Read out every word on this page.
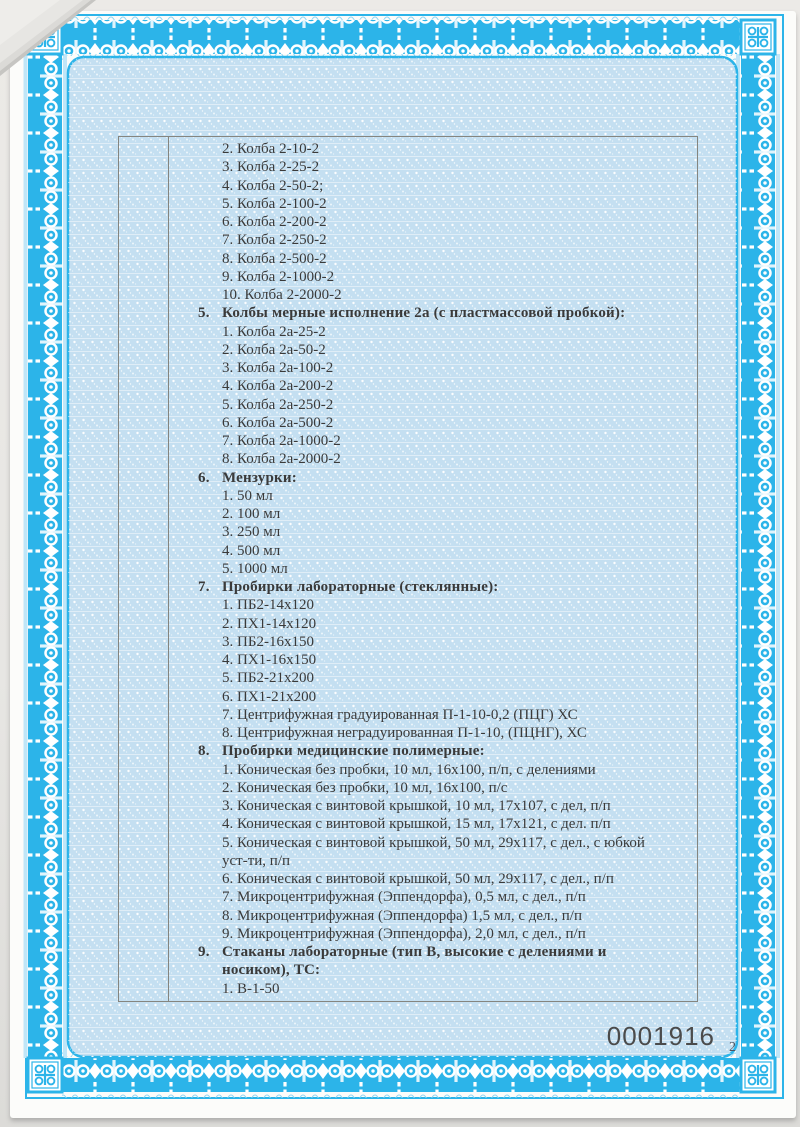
2. Колба 2-10-2
3. Колба 2-25-2
4. Колба 2-50-2;
5. Колба 2-100-2
6. Колба 2-200-2
7. Колба 2-250-2
8. Колба 2-500-2
9. Колба 2-1000-2
10. Колба 2-2000-2
5. Колбы мерные исполнение 2а (с пластмассовой пробкой):
1. Колба 2а-25-2
2. Колба 2а-50-2
3. Колба 2а-100-2
4. Колба 2а-200-2
5. Колба 2а-250-2
6. Колба 2а-500-2
7. Колба 2а-1000-2
8. Колба 2а-2000-2
6. Мензурки:
1. 50 мл
2. 100 мл
3. 250 мл
4. 500 мл
5. 1000 мл
7. Пробирки лабораторные (стеклянные):
1. ПБ2-14х120
2. ПХ1-14х120
3. ПБ2-16х150
4. ПХ1-16х150
5. ПБ2-21х200
6. ПХ1-21х200
7. Центрифужная градуированная П-1-10-0,2 (ПЦГ) ХС
8. Центрифужная неградуированная П-1-10, (ПЦНГ), ХС
8. Пробирки медицинские полимерные:
1. Коническая без пробки, 10 мл, 16х100, п/п, с делениями
2. Коническая без пробки, 10 мл, 16х100, п/с
3. Коническая с винтовой крышкой, 10 мл, 17х107, с дел, п/п
4. Коническая с винтовой крышкой, 15 мл, 17х121, с дел. п/п
5. Коническая с винтовой крышкой, 50 мл, 29х117, с дел., с юбкой
уст-ти, п/п
6. Коническая с винтовой крышкой, 50 мл, 29х117, с дел., п/п
7. Микроцентрифужная (Эппендорфа), 0,5 мл, с дел., п/п
8. Микроцентрифужная (Эппендорфа) 1,5 мл, с дел., п/п
9. Микроцентрифужная (Эппендорфа), 2,0 мл, с дел., п/п
9. Стаканы лабораторные (тип В, высокие с делениями и
носиком), ТС:
1. В-1-50
0001916 2
